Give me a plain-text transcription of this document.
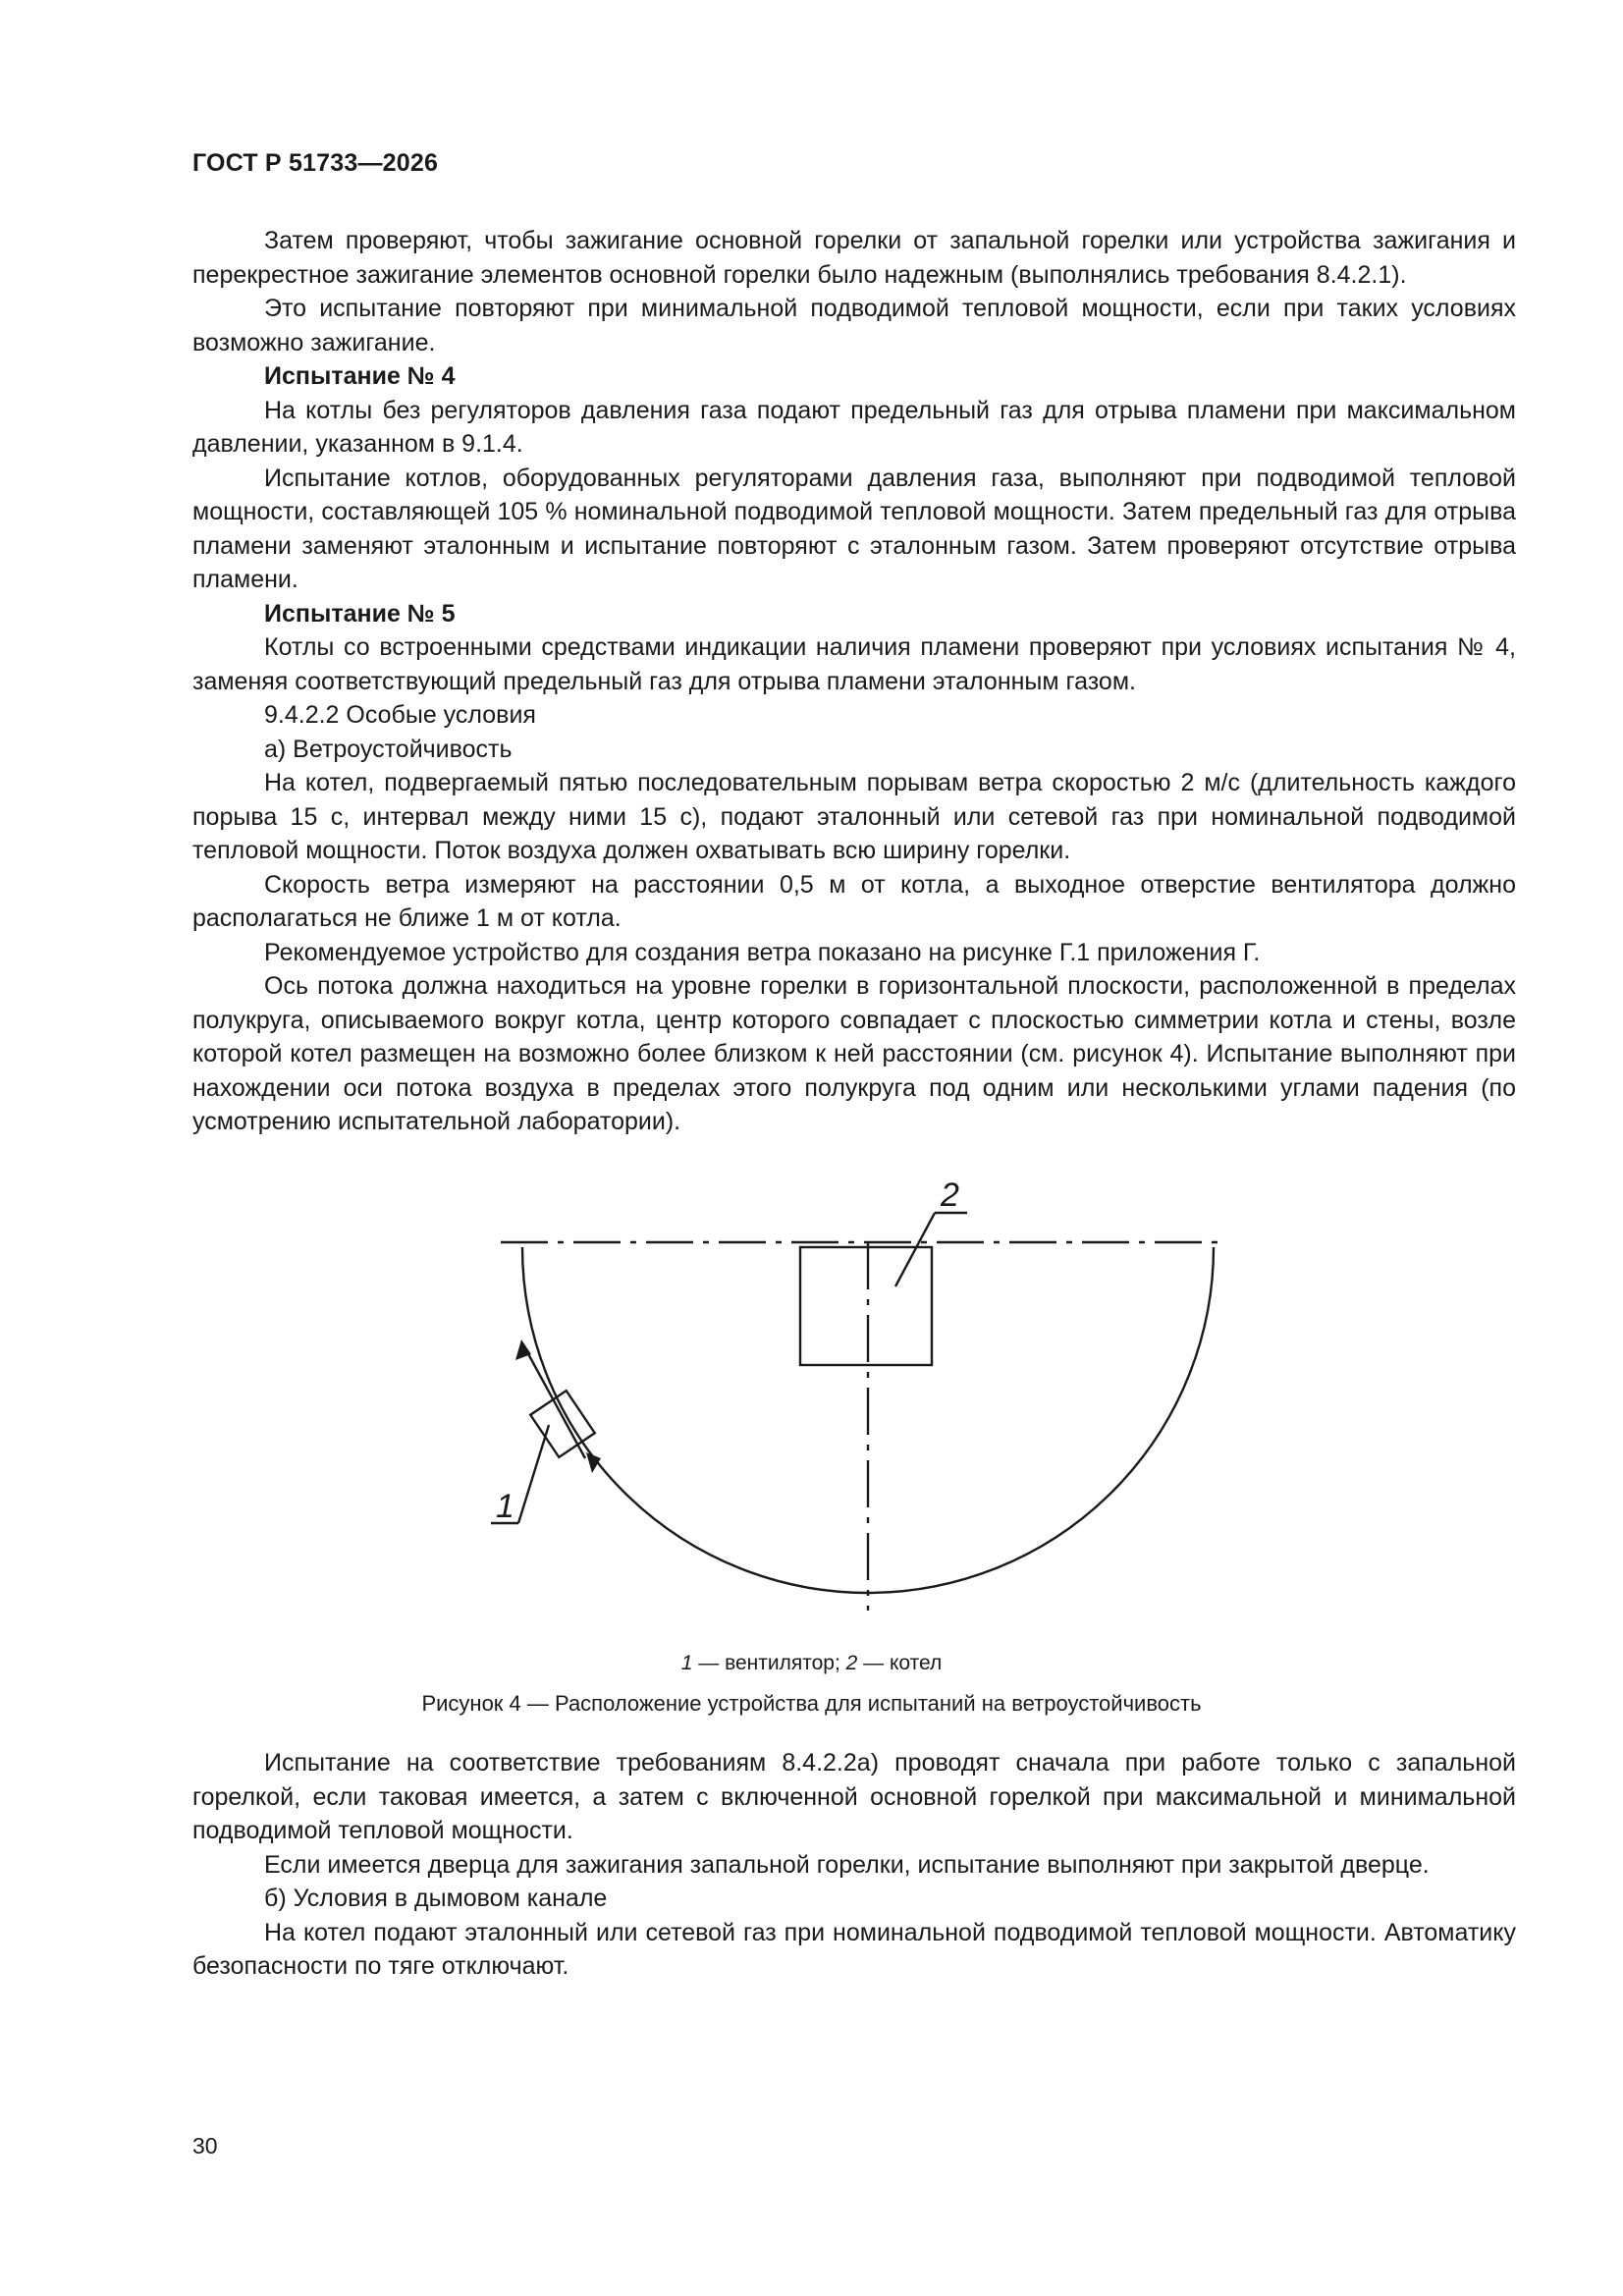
ГОСТ Р 51733—2026

Затем проверяют, чтобы зажигание основной горелки от запальной горелки или устройства зажигания и перекрестное зажигание элементов основной горелки было надежным (выполнялись требования 8.4.2.1).

Это испытание повторяют при минимальной подводимой тепловой мощности, если при таких условиях возможно зажигание.

Испытание № 4

На котлы без регуляторов давления газа подают предельный газ для отрыва пламени при максимальном давлении, указанном в 9.1.4.

Испытание котлов, оборудованных регуляторами давления газа, выполняют при подводимой тепловой мощности, составляющей 105 % номинальной подводимой тепловой мощности. Затем предельный газ для отрыва пламени заменяют эталонным и испытание повторяют с эталонным газом. Затем проверяют отсутствие отрыва пламени.

Испытание № 5

Котлы со встроенными средствами индикации наличия пламени проверяют при условиях испытания № 4, заменяя соответствующий предельный газ для отрыва пламени эталонным газом.

9.4.2.2 Особые условия

а) Ветроустойчивость

На котел, подвергаемый пятью последовательным порывам ветра скоростью 2 м/с (длительность каждого порыва 15 с, интервал между ними 15 с), подают эталонный или сетевой газ при номинальной подводимой тепловой мощности. Поток воздуха должен охватывать всю ширину горелки.

Скорость ветра измеряют на расстоянии 0,5 м от котла, а выходное отверстие вентилятора должно располагаться не ближе 1 м от котла.

Рекомендуемое устройство для создания ветра показано на рисунке Г.1 приложения Г.

Ось потока должна находиться на уровне горелки в горизонтальной плоскости, расположенной в пределах полукруга, описываемого вокруг котла, центр которого совпадает с плоскостью симметрии котла и стены, возле которой котел размещен на возможно более близком к ней расстоянии (см. рисунок 4). Испытание выполняют при нахождении оси потока воздуха в пределах этого полукруга под одним или несколькими углами падения (по усмотрению испытательной лаборатории).

2
1
1 — вентилятор; 2 — котел
Рисунок 4 — Расположение устройства для испытаний на ветроустойчивость

Испытание на соответствие требованиям 8.4.2.2а) проводят сначала при работе только с запальной горелкой, если таковая имеется, а затем с включенной основной горелкой при максимальной и минимальной подводимой тепловой мощности.

Если имеется дверца для зажигания запальной горелки, испытание выполняют при закрытой дверце.

б) Условия в дымовом канале

На котел подают эталонный или сетевой газ при номинальной подводимой тепловой мощности. Автоматику безопасности по тяге отключают.

30
